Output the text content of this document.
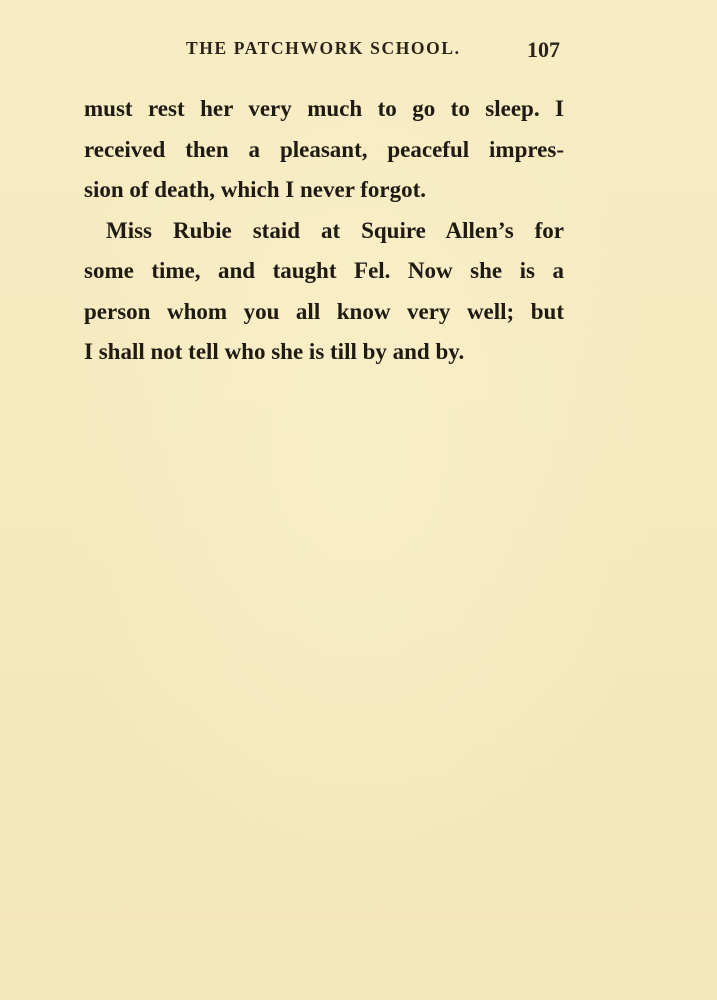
THE PATCHWORK SCHOOL.	107
must rest her very much to go to sleep. I
received then a pleasant, peaceful impres-
sion of death, which I never forgot.
Miss Rubie staid at Squire Allen’s for
some time, and taught Fel. Now she is a
person whom you all know very well; but
I shall not tell who she is till by and by.
